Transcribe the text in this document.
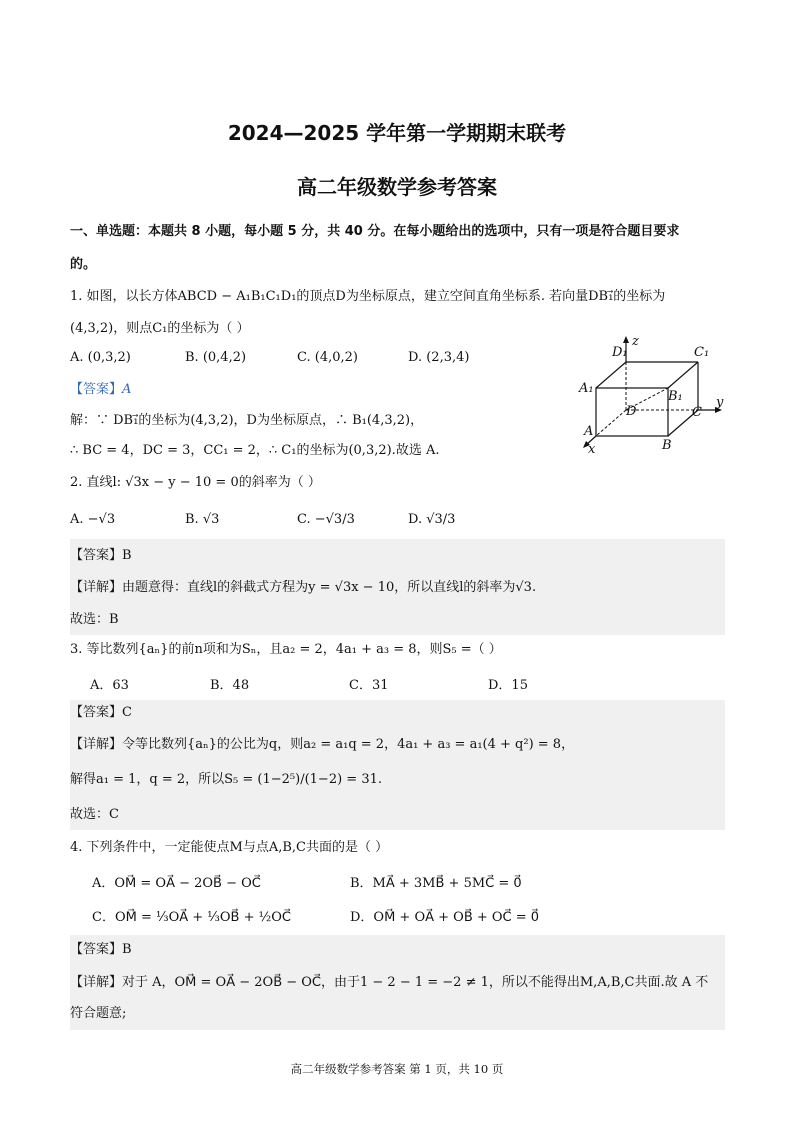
2024—2025 学年第一学期期末联考
高二年级数学参考答案
一、单选题：本题共 8 小题，每小题 5 分，共 40 分。在每小题给出的选项中，只有一项是符合题目要求
的。
1. 如图，以长方体ABCD − A₁B₁C₁D₁的顶点D为坐标原点，建立空间直角坐标系. 若向量DB₁⃗的坐标为
(4,3,2)，则点C₁的坐标为（ ）
A. (0,3,2)	B. (0,4,2)	C. (4,0,2)	D. (2,3,4)
【答案】A
解：∵ DB₁⃗的坐标为(4,3,2)，D为坐标原点，∴ B₁(4,3,2)，
∴ BC = 4，DC = 3，CC₁ = 2，∴ C₁的坐标为(0,3,2).故选 A.
D₁
z
C₁
A₁
B₁	y
D	C
A
B
x
2. 直线l: √3x − y − 10 = 0的斜率为（ ）
A. −√3	B. √3	C. −√3/3	D. √3/3
【答案】B
【详解】由题意得：直线l的斜截式方程为y = √3x − 10，所以直线l的斜率为√3.
故选：B
3. 等比数列{aₙ}的前n项和为Sₙ，且a₂ = 2，4a₁ + a₃ = 8，则S₅ =（ ）
A．63	B．48	C．31	D．15
【答案】C
【详解】令等比数列{aₙ}的公比为q，则a₂ = a₁q = 2，4a₁ + a₃ = a₁(4 + q²) = 8，
解得a₁ = 1，q = 2，所以S₅ = (1−2⁵)/(1−2) = 31.
故选：C
4. 下列条件中，一定能使点M与点A,B,C共面的是（ ）
A．OM⃗ = OA⃗ − 2OB⃗ − OC⃗	B．MA⃗ + 3MB⃗ + 5MC⃗ = 0⃗
C．OM⃗ = ⅓OA⃗ + ⅓OB⃗ + ½OC⃗	D．OM⃗ + OA⃗ + OB⃗ + OC⃗ = 0⃗
【答案】B
【详解】对于 A，OM⃗ = OA⃗ − 2OB⃗ − OC⃗，由于1 − 2 − 1 = −2 ≠ 1，所以不能得出M,A,B,C共面.故 A 不
符合题意;
高二年级数学参考答案 第 1 页，共 10 页
